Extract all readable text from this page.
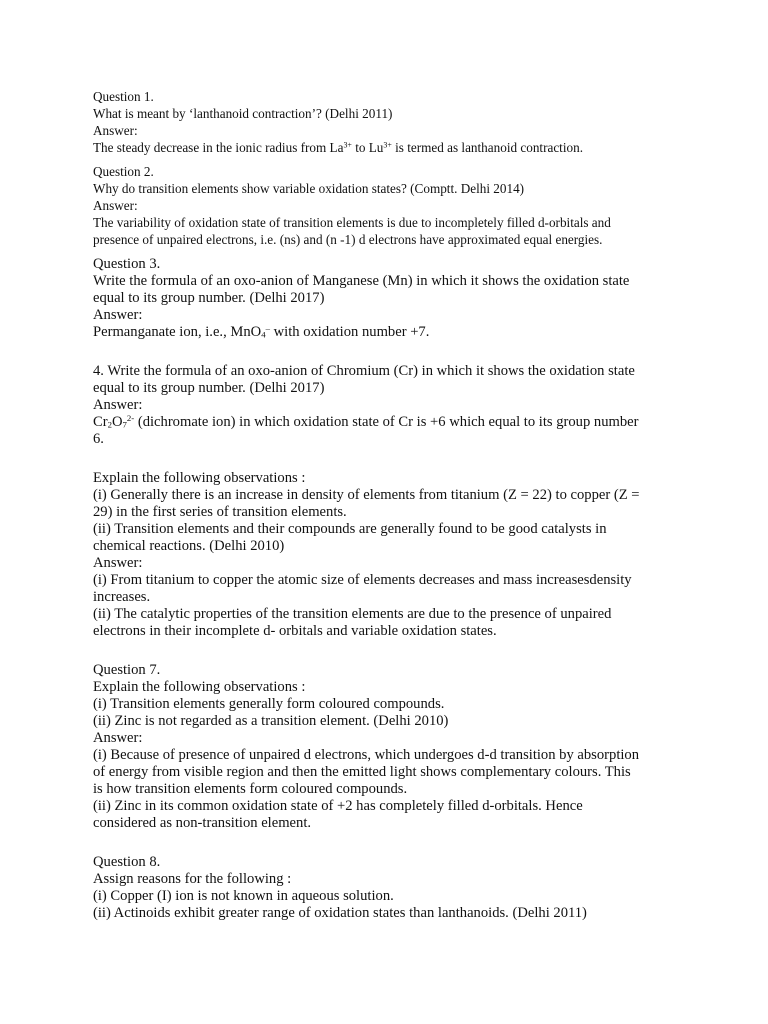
Question 1.
What is meant by ‘lanthanoid contraction’? (Delhi 2011)
Answer:
The steady decrease in the ionic radius from $La^{3+}$ to $Lu^{3+}$ is termed as lanthanoid contraction.
Question 2.
Why do transition elements show variable oxidation states? (Comptt. Delhi 2014)
Answer:
The variability of oxidation state of transition elements is due to incompletely filled d-orbitals and
presence of unpaired electrons, i.e. (ns) and (n -1) d electrons have approximated equal energies.
Question 3.
Write the formula of an oxo-anion of Manganese (Mn) in which it shows the oxidation state
equal to its group number. (Delhi 2017)
Answer:
Permanganate ion, i.e., MnO$_4$– with oxidation number +7.
4. Write the formula of an oxo-anion of Chromium (Cr) in which it shows the oxidation state
equal to its group number. (Delhi 2017)
Answer:
$Cr_2O_7^{2-}$ (dichromate ion) in which oxidation state of Cr is +6 which equal to its group number
6.
Explain the following observations :
(i) Generally there is an increase in density of elements from titanium (Z = 22) to copper (Z =
29) in the first series of transition elements.
(ii) Transition elements and their compounds are generally found to be good catalysts in
chemical reactions. (Delhi 2010)
Answer:
(i) From titanium to copper the atomic size of elements decreases and mass increasesdensity
increases.
(ii) The catalytic properties of the transition elements are due to the presence of unpaired
electrons in their incomplete d- orbitals and variable oxidation states.
Question 7.
Explain the following observations :
(i) Transition elements generally form coloured compounds.
(ii) Zinc is not regarded as a transition element. (Delhi 2010)
Answer:
(i) Because of presence of unpaired d electrons, which undergoes d-d transition by absorption
of energy from visible region and then the emitted light shows complementary colours. This
is how transition elements form coloured compounds.
(ii) Zinc in its common oxidation state of +2 has completely filled d-orbitals. Hence
considered as non-transition element.
Question 8.
Assign reasons for the following :
(i) Copper (I) ion is not known in aqueous solution.
(ii) Actinoids exhibit greater range of oxidation states than lanthanoids. (Delhi 2011)
